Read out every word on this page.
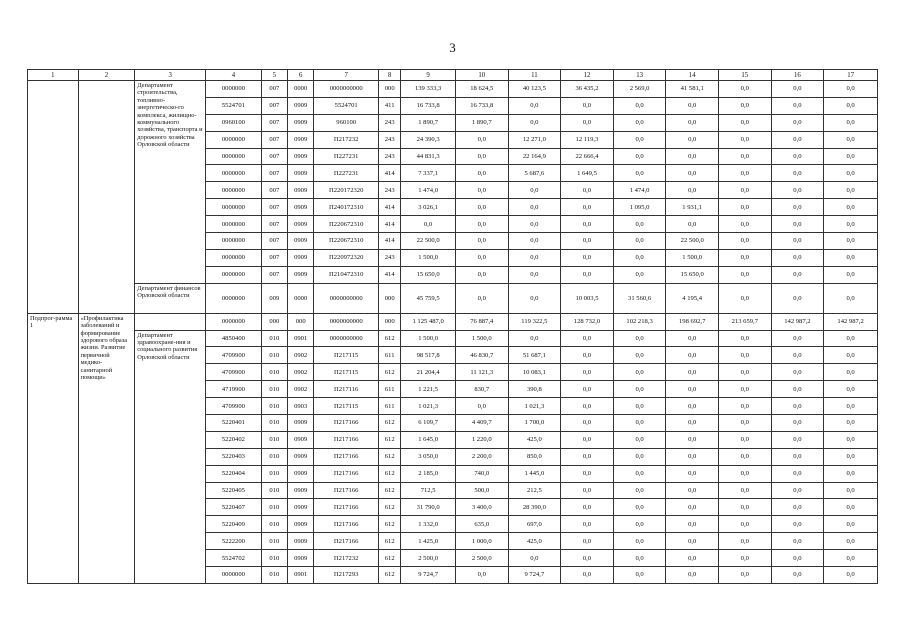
3
1	2	3	4	5	6	7	8	9	10	11	12	13	14	15	16	17
		Департамент строительства, топливно-энергетическо-го комплекса, жилищно-коммунального хозяйства, транспорта и дорожного хозяйства Орловской области	0000000	007	0000	0000000000	000	139 333,3	18 624,5	40 123,5	36 435,2	2 569,0	41 581,1	0,0	0,0	0,0
			5524701	007	0909	5524701	411	16 733,8	16 733,8	0,0	0,0	0,0	0,0	0,0	0,0	0,0
			0960100	007	0909	960100	243	1 890,7	1 890,7	0,0	0,0	0,0	0,0	0,0	0,0	0,0
			0000000	007	0909	П217232	243	24 390,3	0,0	12 271,0	12 119,3	0,0	0,0	0,0	0,0	0,0
			0000000	007	0909	П227231	243	44 831,3	0,0	22 164,9	22 666,4	0,0	0,0	0,0	0,0	0,0
			0000000	007	0909	П227231	414	7 337,1	0,0	5 687,6	1 649,5	0,0	0,0	0,0	0,0	0,0
			0000000	007	0909	П220172320	243	1 474,0	0,0	0,0	0,0	1 474,0	0,0	0,0	0,0	0,0
			0000000	007	0909	П240172310	414	3 026,1	0,0	0,0	0,0	1 095,0	1 931,1	0,0	0,0	0,0
			0000000	007	0909	П220672310	414	0,0	0,0	0,0	0,0	0,0	0,0	0,0	0,0	0,0
			0000000	007	0909	П220672310	414	22 500,0	0,0	0,0	0,0	0,0	22 500,0	0,0	0,0	0,0
			0000000	007	0909	П220972320	243	1 500,0	0,0	0,0	0,0	0,0	1 500,0	0,0	0,0	0,0
			0000000	007	0909	П210472310	414	15 650,0	0,0	0,0	0,0	0,0	15 650,0	0,0	0,0	0,0
		Департамент финансов Орловской области	0000000	009	0000	0000000000	000	45 759,5	0,0	0,0	10 003,5	31 560,6	4 195,4	0,0	0,0	0,0
Подпрог-рамма 1	«Профилактика заболеваний и формирование здорового образа жизни. Развитие первичной медико-санитарной помощи»		0000000	000	000	0000000000	000	1 125 487,0	76 887,4	119 322,5	128 732,0	102 218,3	198 692,7	213 659,7	142 987,2	142 987,2
		Департамент здравоохране-ния и социального развития Орловской области	4850400	010	0901	0000000000	612	1 500,0	1 500,0	0,0	0,0	0,0	0,0	0,0	0,0	0,0
			4709900	010	0902	П217115	611	98 517,8	46 830,7	51 687,1	0,0	0,0	0,0	0,0	0,0	0,0
			4709900	010	0902	П217115	612	21 204,4	11 121,3	10 083,1	0,0	0,0	0,0	0,0	0,0	0,0
			4719900	010	0902	П217116	611	1 221,5	830,7	390,8	0,0	0,0	0,0	0,0	0,0	0,0
			4709900	010	0903	П217115	611	1 021,3	0,0	1 021,3	0,0	0,0	0,0	0,0	0,0	0,0
			5220401	010	0909	П217166	612	6 109,7	4 409,7	1 700,0	0,0	0,0	0,0	0,0	0,0	0,0
			5220402	010	0909	П217166	612	1 645,0	1 220,0	425,0	0,0	0,0	0,0	0,0	0,0	0,0
			5220403	010	0909	П217166	612	3 050,0	2 200,0	850,0	0,0	0,0	0,0	0,0	0,0	0,0
			5220404	010	0909	П217166	612	2 185,0	740,0	1 445,0	0,0	0,0	0,0	0,0	0,0	0,0
			5220405	010	0909	П217166	612	712,5	500,0	212,5	0,0	0,0	0,0	0,0	0,0	0,0
			5220407	010	0909	П217166	612	31 790,0	3 400,0	28 390,0	0,0	0,0	0,0	0,0	0,0	0,0
			5220409	010	0909	П217166	612	1 332,0	635,0	697,0	0,0	0,0	0,0	0,0	0,0	0,0
			5222200	010	0909	П217166	612	1 425,0	1 000,0	425,0	0,0	0,0	0,0	0,0	0,0	0,0
			5524702	010	0909	П217232	612	2 500,0	2 500,0	0,0	0,0	0,0	0,0	0,0	0,0	0,0
			0000000	010	0901	П217293	612	9 724,7	0,0	9 724,7	0,0	0,0	0,0	0,0	0,0	0,0
